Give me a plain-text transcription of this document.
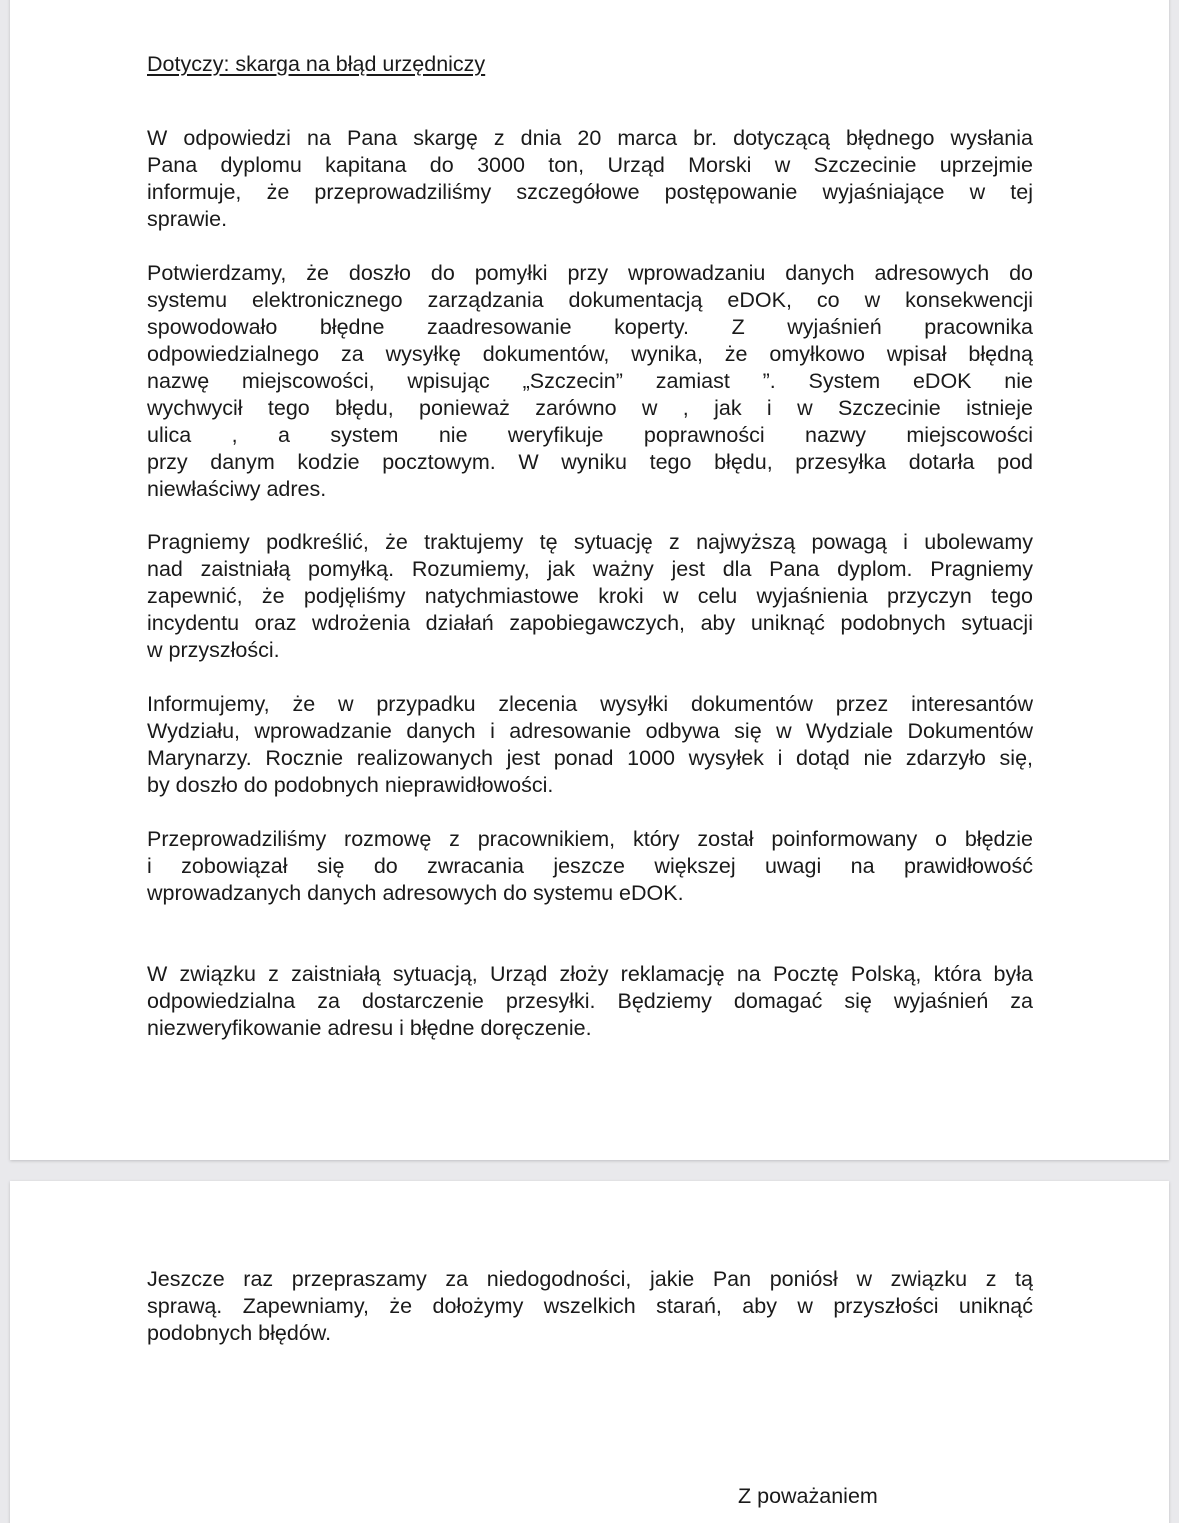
Dotyczy: skarga na błąd urzędniczy
W odpowiedzi na Pana skargę z dnia 20 marca br. dotyczącą błędnego wysłania
Pana dyplomu kapitana do 3000 ton, Urząd Morski w Szczecinie uprzejmie
informuje, że przeprowadziliśmy szczegółowe postępowanie wyjaśniające w tej
sprawie.
Potwierdzamy, że doszło do pomyłki przy wprowadzaniu danych adresowych do
systemu elektronicznego zarządzania dokumentacją eDOK, co w konsekwencji
spowodowało błędne zaadresowanie koperty. Z wyjaśnień pracownika
odpowiedzialnego za wysyłkę dokumentów, wynika, że omyłkowo wpisał błędną
nazwę miejscowości, wpisując „Szczecin” zamiast ”. System eDOK nie
wychwycił tego błędu, ponieważ zarówno w , jak i w Szczecinie istnieje
ulica , a system nie weryfikuje poprawności nazwy miejscowości
przy danym kodzie pocztowym. W wyniku tego błędu, przesyłka dotarła pod
niewłaściwy adres.
Pragniemy podkreślić, że traktujemy tę sytuację z najwyższą powagą i ubolewamy
nad zaistniałą pomyłką. Rozumiemy, jak ważny jest dla Pana dyplom. Pragniemy
zapewnić, że podjęliśmy natychmiastowe kroki w celu wyjaśnienia przyczyn tego
incydentu oraz wdrożenia działań zapobiegawczych, aby uniknąć podobnych sytuacji
w przyszłości.
Informujemy, że w przypadku zlecenia wysyłki dokumentów przez interesantów
Wydziału, wprowadzanie danych i adresowanie odbywa się w Wydziale Dokumentów
Marynarzy. Rocznie realizowanych jest ponad 1000 wysyłek i dotąd nie zdarzyło się,
by doszło do podobnych nieprawidłowości.
Przeprowadziliśmy rozmowę z pracownikiem, który został poinformowany o błędzie
i zobowiązał się do zwracania jeszcze większej uwagi na prawidłowość
wprowadzanych danych adresowych do systemu eDOK.
W związku z zaistniałą sytuacją, Urząd złoży reklamację na Pocztę Polską, która była
odpowiedzialna za dostarczenie przesyłki. Będziemy domagać się wyjaśnień za
niezweryfikowanie adresu i błędne doręczenie.
Jeszcze raz przepraszamy za niedogodności, jakie Pan poniósł w związku z tą
sprawą. Zapewniamy, że dołożymy wszelkich starań, aby w przyszłości uniknąć
podobnych błędów.
Z poważaniem
